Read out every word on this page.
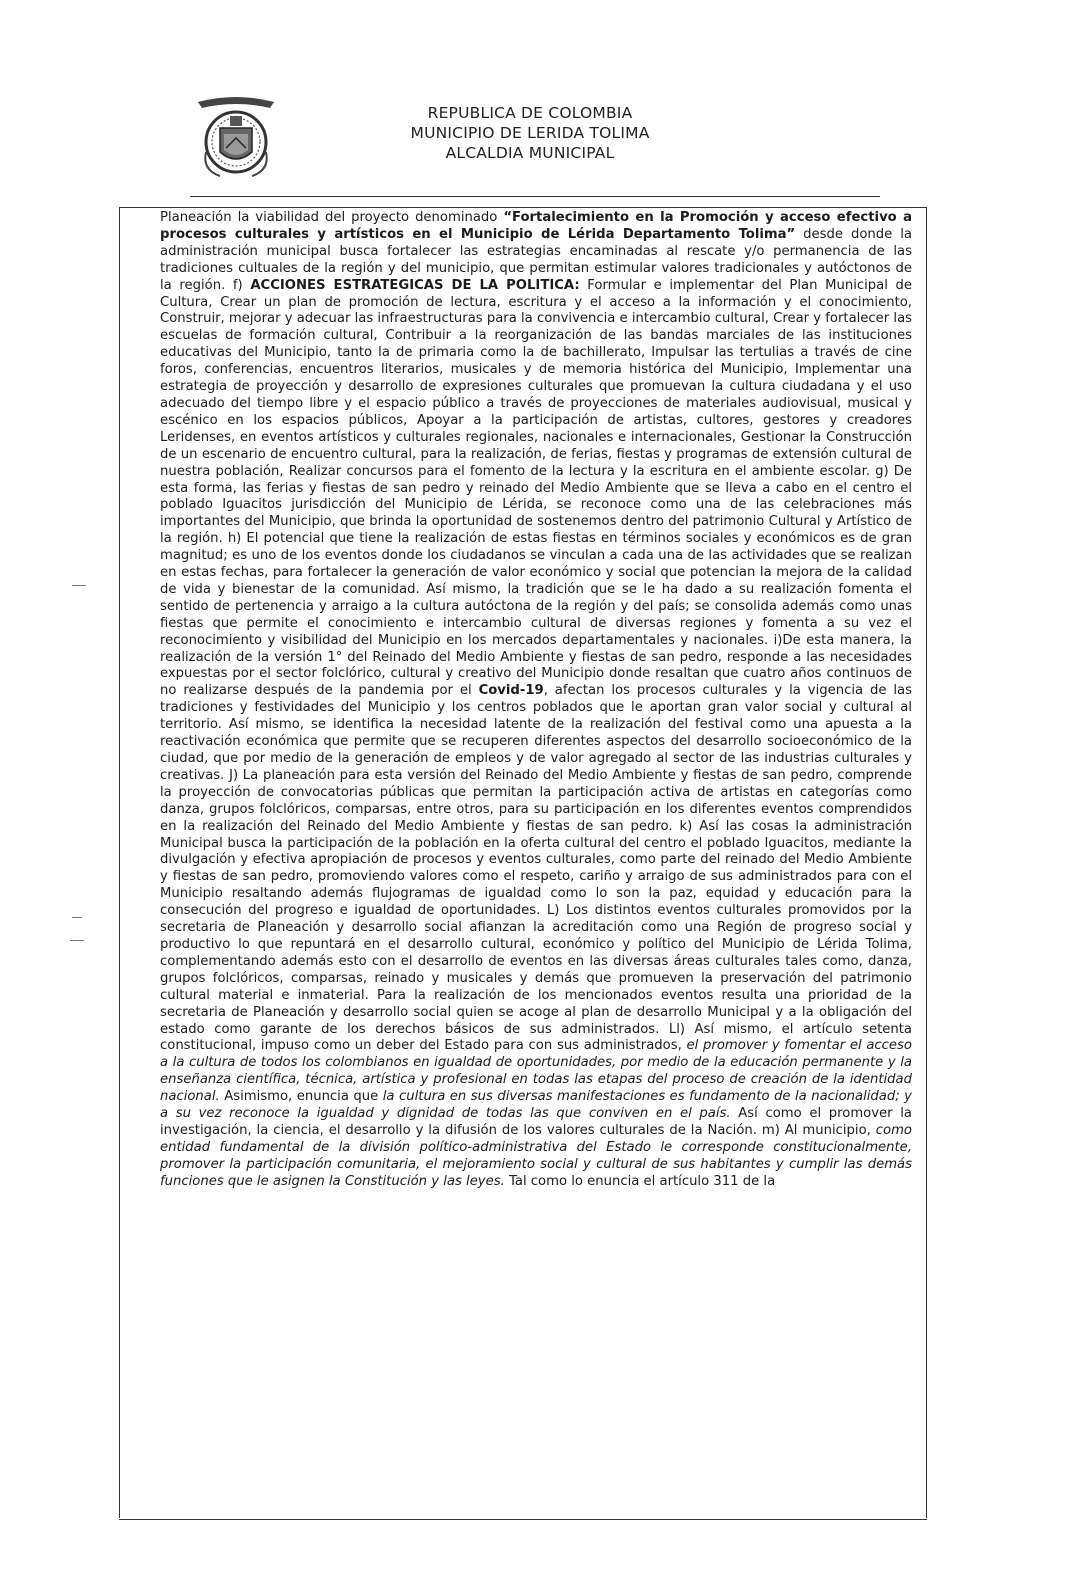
REPUBLICA DE COLOMBIA
MUNICIPIO DE LERIDA TOLIMA
ALCALDIA MUNICIPAL
Planeación la viabilidad del proyecto denominado “Fortalecimiento en la Promoción y acceso efectivo a procesos culturales y artísticos en el Municipio de Lérida Departamento Tolima” desde donde la administración municipal busca fortalecer las estrategias encaminadas al rescate y/o permanencia de las tradiciones cultuales de la región y del municipio, que permitan estimular valores tradicionales y autóctonos de la región. f) ACCIONES ESTRATEGICAS DE LA POLITICA: Formular e implementar del Plan Municipal de Cultura, Crear un plan de promoción de lectura, escritura y el acceso a la información y el conocimiento, Construir, mejorar y adecuar las infraestructuras para la convivencia e intercambio cultural, Crear y fortalecer las escuelas de formación cultural, Contribuir a la reorganización de las bandas marciales de las instituciones educativas del Municipio, tanto la de primaria como la de bachillerato, Impulsar las tertulias a través de cine foros, conferencias, encuentros literarios, musicales y de memoria histórica del Municipio, Implementar una estrategia de proyección y desarrollo de expresiones culturales que promuevan la cultura ciudadana y el uso adecuado del tiempo libre y el espacio público a través de proyecciones de materiales audiovisual, musical y escénico en los espacios públicos, Apoyar a la participación de artistas, cultores, gestores y creadores Leridenses, en eventos artísticos y culturales regionales, nacionales e internacionales, Gestionar la Construcción de un escenario de encuentro cultural, para la realización, de ferias, fiestas y programas de extensión cultural de nuestra población, Realizar concursos para el fomento de la lectura y la escritura en el ambiente escolar. g) De esta forma, las ferias y fiestas de san pedro y reinado del Medio Ambiente que se lleva a cabo en el centro el poblado Iguacitos jurisdicción del Municipio de Lérida, se reconoce como una de las celebraciones más importantes del Municipio, que brinda la oportunidad de sostenemos dentro del patrimonio Cultural y Artístico de la región. h) El potencial que tiene la realización de estas fiestas en términos sociales y económicos es de gran magnitud; es uno de los eventos donde los ciudadanos se vinculan a cada una de las actividades que se realizan en estas fechas, para fortalecer la generación de valor económico y social que potencian la mejora de la calidad de vida y bienestar de la comunidad. Así mismo, la tradición que se le ha dado a su realización fomenta el sentido de pertenencia y arraigo a la cultura autóctona de la región y del país; se consolida además como unas fiestas que permite el conocimiento e intercambio cultural de diversas regiones y fomenta a su vez el reconocimiento y visibilidad del Municipio en los mercados departamentales y nacionales. i)De esta manera, la realización de la versión 1° del Reinado del Medio Ambiente y fiestas de san pedro, responde a las necesidades expuestas por el sector folclórico, cultural y creativo del Municipio donde resaltan que cuatro años continuos de no realizarse después de la pandemia por el Covid-19, afectan los procesos culturales y la vigencia de las tradiciones y festividades del Municipio y los centros poblados que le aportan gran valor social y cultural al territorio. Así mismo, se identifica la necesidad latente de la realización del festival como una apuesta a la reactivación económica que permite que se recuperen diferentes aspectos del desarrollo socioeconómico de la ciudad, que por medio de la generación de empleos y de valor agregado al sector de las industrias culturales y creativas. J) La planeación para esta versión del Reinado del Medio Ambiente y fiestas de san pedro, comprende la proyección de convocatorias públicas que permitan la participación activa de artistas en categorías como danza, grupos folclóricos, comparsas, entre otros, para su participación en los diferentes eventos comprendidos en la realización del Reinado del Medio Ambiente y fiestas de san pedro. k) Así las cosas la administración Municipal busca la participación de la población en la oferta cultural del centro el poblado Iguacitos, mediante la divulgación y efectiva apropiación de procesos y eventos culturales, como parte del reinado del Medio Ambiente y fiestas de san pedro, promoviendo valores como el respeto, cariño y arraigo de sus administrados para con el Municipio resaltando además flujogramas de igualdad como lo son la paz, equidad y educación para la consecución del progreso e igualdad de oportunidades. L) Los distintos eventos culturales promovidos por la secretaria de Planeación y desarrollo social afianzan la acreditación como una Región de progreso social y productivo lo que repuntará en el desarrollo cultural, económico y político del Municipio de Lérida Tolima, complementando además esto con el desarrollo de eventos en las diversas áreas culturales tales como, danza, grupos folclóricos, comparsas, reinado y musicales y demás que promueven la preservación del patrimonio cultural material e inmaterial. Para la realización de los mencionados eventos resulta una prioridad de la secretaria de Planeación y desarrollo social quien se acoge al plan de desarrollo Municipal y a la obligación del estado como garante de los derechos básicos de sus administrados. Ll) Así mismo, el artículo setenta constitucional, impuso como un deber del Estado para con sus administrados, el promover y fomentar el acceso a la cultura de todos los colombianos en igualdad de oportunidades, por medio de la educación permanente y la enseñanza científica, técnica, artística y profesional en todas las etapas del proceso de creación de la identidad nacional. Asimismo, enuncia que la cultura en sus diversas manifestaciones es fundamento de la nacionalidad; y a su vez reconoce la igualdad y dignidad de todas las que conviven en el país. Así como el promover la investigación, la ciencia, el desarrollo y la difusión de los valores culturales de la Nación. m) Al municipio, como entidad fundamental de la división político-administrativa del Estado le corresponde constitucionalmente, promover la participación comunitaria, el mejoramiento social y cultural de sus habitantes y cumplir las demás funciones que le asignen la Constitución y las leyes. Tal como lo enuncia el artículo 311 de la
